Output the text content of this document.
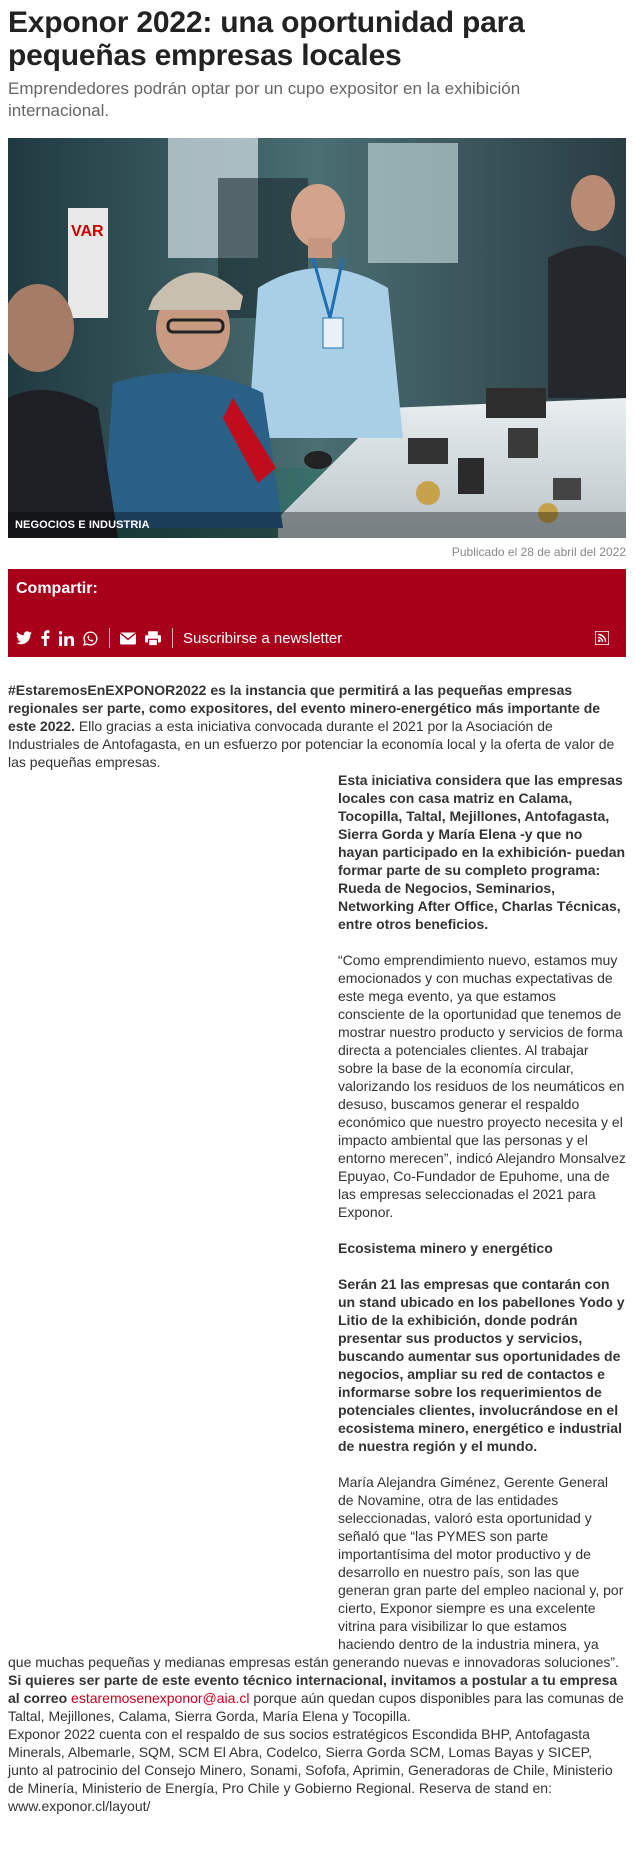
Exponor 2022: una oportunidad para pequeñas empresas locales

Emprendedores podrán optar por un cupo expositor en la exhibición internacional.

VAR
NEGOCIOS E INDUSTRIA

Publicado el 28 de abril del 2022

Compartir:
Suscribirse a newsletter

#EstaremosEnEXPONOR2022 es la instancia que permitirá a las pequeñas empresas regionales ser parte, como expositores, del evento minero-energético más importante de este 2022. Ello gracias a esta iniciativa convocada durante el 2021 por la Asociación de Industriales de Antofagasta, en un esfuerzo por potenciar la economía local y la oferta de valor de las pequeñas empresas.

Esta iniciativa considera que las empresas locales con casa matriz en Calama, Tocopilla, Taltal, Mejillones, Antofagasta, Sierra Gorda y María Elena -y que no hayan participado en la exhibición- puedan formar parte de su completo programa: Rueda de Negocios, Seminarios, Networking After Office, Charlas Técnicas, entre otros beneficios.

“Como emprendimiento nuevo, estamos muy emocionados y con muchas expectativas de este mega evento, ya que estamos consciente de la oportunidad que tenemos de mostrar nuestro producto y servicios de forma directa a potenciales clientes. Al trabajar sobre la base de la economía circular, valorizando los residuos de los neumáticos en desuso, buscamos generar el respaldo económico que nuestro proyecto necesita y el impacto ambiental que las personas y el entorno merecen”, indicó Alejandro Monsalvez Epuyao, Co-Fundador de Epuhome, una de las empresas seleccionadas el 2021 para Exponor.

Ecosistema minero y energético

Serán 21 las empresas que contarán con un stand ubicado en los pabellones Yodo y Litio de la exhibición, donde podrán presentar sus productos y servicios, buscando aumentar sus oportunidades de negocios, ampliar su red de contactos e informarse sobre los requerimientos de potenciales clientes, involucrándose en el ecosistema minero, energético e industrial de nuestra región y el mundo.

María Alejandra Giménez, Gerente General de Novamine, otra de las entidades seleccionadas, valoró esta oportunidad y señaló que “las PYMES son parte importantísima del motor productivo y de desarrollo en nuestro país, son las que generan gran parte del empleo nacional y, por cierto, Exponor siempre es una excelente vitrina para visibilizar lo que estamos haciendo dentro de la industria minera, ya

que muchas pequeñas y medianas empresas están generando nuevas e innovadoras soluciones”.

Si quieres ser parte de este evento técnico internacional, invitamos a postular a tu empresa al correo estaremosenexponor@aia.cl porque aún quedan cupos disponibles para las comunas de Taltal, Mejillones, Calama, Sierra Gorda, María Elena y Tocopilla.

Exponor 2022 cuenta con el respaldo de sus socios estratégicos Escondida BHP, Antofagasta Minerals, Albemarle, SQM, SCM El Abra, Codelco, Sierra Gorda SCM, Lomas Bayas y SICEP, junto al patrocinio del Consejo Minero, Sonami, Sofofa, Aprimin, Generadoras de Chile, Ministerio de Minería, Ministerio de Energía, Pro Chile y Gobierno Regional. Reserva de stand en: www.exponor.cl/layout/
